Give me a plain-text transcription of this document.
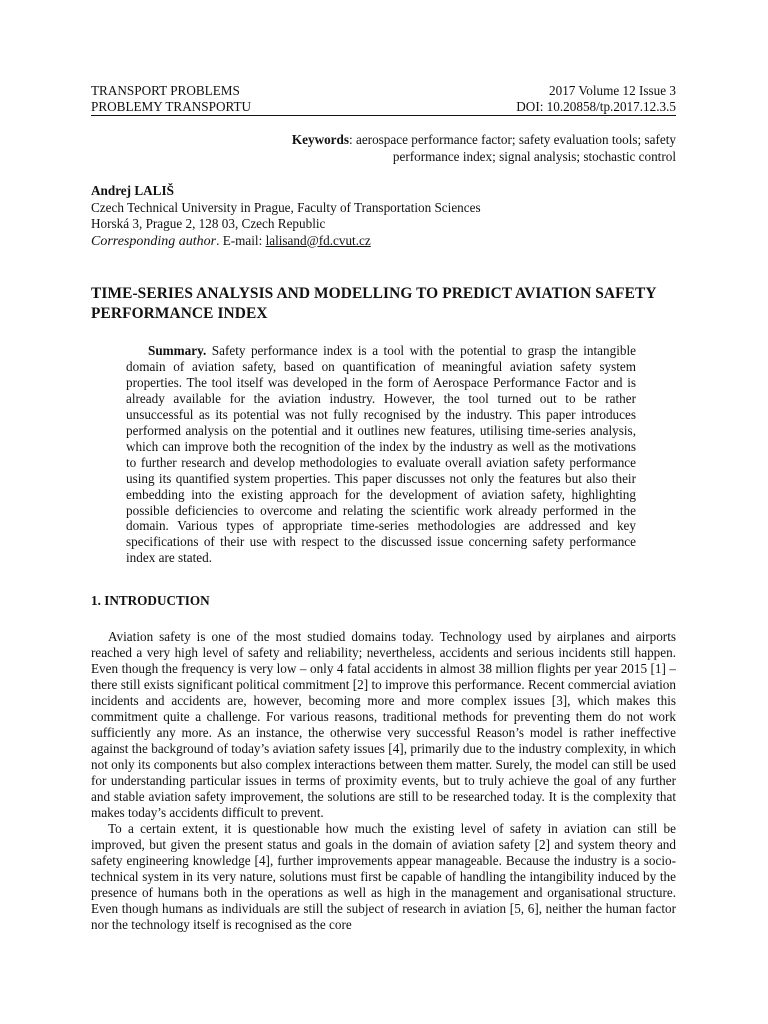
TRANSPORT PROBLEMS	2017 Volume 12 Issue 3
PROBLEMY TRANSPORTU	DOI: 10.20858/tp.2017.12.3.5
Keywords: aerospace performance factor; safety evaluation tools; safety performance index; signal analysis; stochastic control
Andrej LALIŠ
Czech Technical University in Prague, Faculty of Transportation Sciences
Horská 3, Prague 2, 128 03, Czech Republic
Corresponding author. E-mail: lalisand@fd.cvut.cz
TIME-SERIES ANALYSIS AND MODELLING TO PREDICT AVIATION SAFETY PERFORMANCE INDEX
Summary. Safety performance index is a tool with the potential to grasp the intangible domain of aviation safety, based on quantification of meaningful aviation safety system properties. The tool itself was developed in the form of Aerospace Performance Factor and is already available for the aviation industry. However, the tool turned out to be rather unsuccessful as its potential was not fully recognised by the industry. This paper introduces performed analysis on the potential and it outlines new features, utilising time-series analysis, which can improve both the recognition of the index by the industry as well as the motivations to further research and develop methodologies to evaluate overall aviation safety performance using its quantified system properties. This paper discusses not only the features but also their embedding into the existing approach for the development of aviation safety, highlighting possible deficiencies to overcome and relating the scientific work already performed in the domain. Various types of appropriate time-series methodologies are addressed and key specifications of their use with respect to the discussed issue concerning safety performance index are stated.
1. INTRODUCTION

Aviation safety is one of the most studied domains today. Technology used by airplanes and airports reached a very high level of safety and reliability; nevertheless, accidents and serious incidents still happen. Even though the frequency is very low – only 4 fatal accidents in almost 38 million flights per year 2015 [1] – there still exists significant political commitment [2] to improve this performance. Recent commercial aviation incidents and accidents are, however, becoming more and more complex issues [3], which makes this commitment quite a challenge. For various reasons, traditional methods for preventing them do not work sufficiently any more. As an instance, the otherwise very successful Reason’s model is rather ineffective against the background of today’s aviation safety issues [4], primarily due to the industry complexity, in which not only its components but also complex interactions between them matter. Surely, the model can still be used for understanding particular issues in terms of proximity events, but to truly achieve the goal of any further and stable aviation safety improvement, the solutions are still to be researched today. It is the complexity that makes today’s accidents difficult to prevent.

To a certain extent, it is questionable how much the existing level of safety in aviation can still be improved, but given the present status and goals in the domain of aviation safety [2] and system theory and safety engineering knowledge [4], further improvements appear manageable. Because the industry is a socio-technical system in its very nature, solutions must first be capable of handling the intangibility induced by the presence of humans both in the operations as well as high in the management and organisational structure. Even though humans as individuals are still the subject of research in aviation [5, 6], neither the human factor nor the technology itself is recognised as the core
